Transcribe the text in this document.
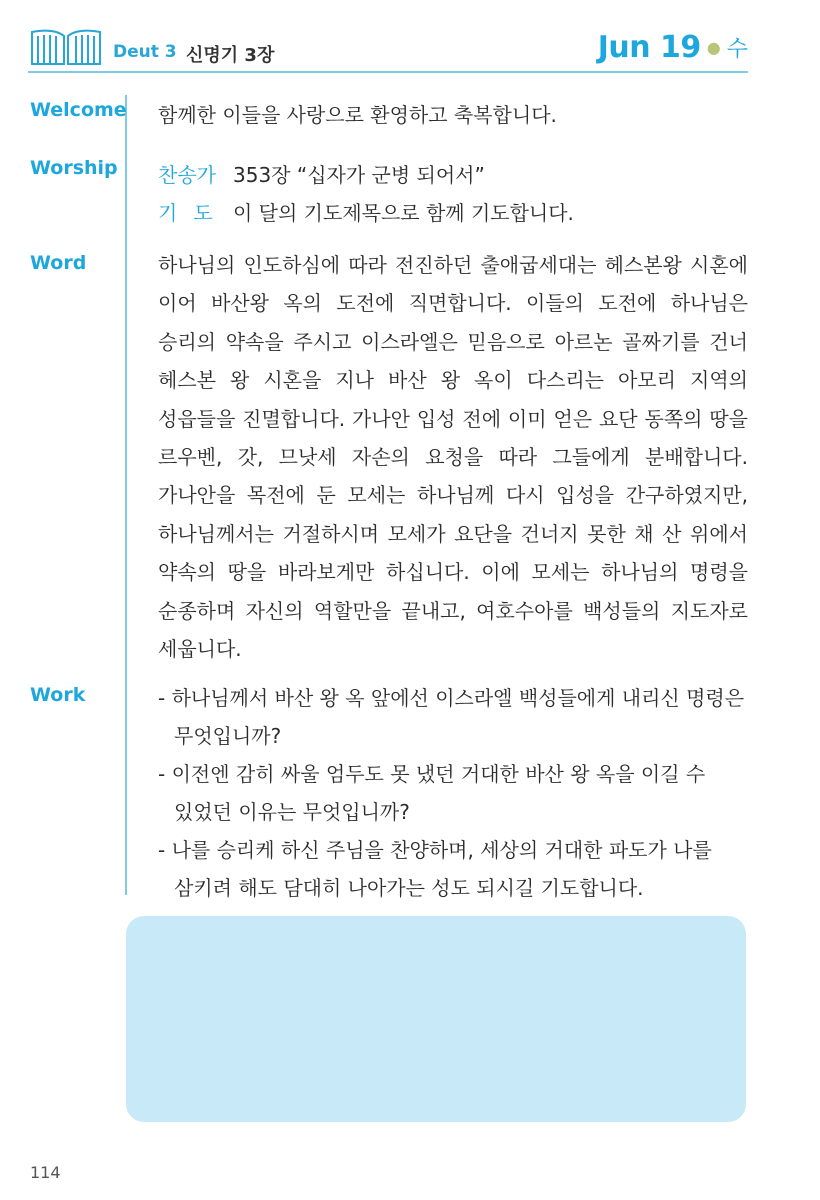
Deut 3 신명기 3장	Jun 19 ● 수
Welcome 함께한 이들을 사랑으로 환영하고 축복합니다.
Worship 찬송가 353장 “십자가 군병 되어서”
기도 이 달의 기도제목으로 함께 기도합니다.
Word	하나님의 인도하심에 따라 전진하던 출애굽세대는 헤스본왕 시혼에 이어 바산왕 옥의 도전에 직면합니다. 이들의 도전에 하나님은 승리의 약속을 주시고 이스라엘은 믿음으로 아르논 골짜기를 건너 헤스본 왕 시혼을 지나 바산 왕 옥이 다스리는 아모리 지역의 성읍들을 진멸합니다. 가나안 입성 전에 이미 얻은 요단 동쪽의 땅을 르우벤, 갓, 므낫세 자손의 요청을 따라 그들에게 분배합니다. 가나안을 목전에 둔 모세는 하나님께 다시 입성을 간구하였지만, 하나님께서는 거절하시며 모세가 요단을 건너지 못한 채 산 위에서 약속의 땅을 바라보게만 하십니다. 이에 모세는 하나님의 명령을 순종하며 자신의 역할만을 끝내고, 여호수아를 백성들의 지도자로 세웁니다.
Work	- 하나님께서 바산 왕 옥 앞에선 이스라엘 백성들에게 내리신 명령은 무엇입니까?
- 이전엔 감히 싸울 엄두도 못 냈던 거대한 바산 왕 옥을 이길 수 있었던 이유는 무엇입니까?
- 나를 승리케 하신 주님을 찬양하며, 세상의 거대한 파도가 나를 삼키려 해도 담대히 나아가는 성도 되시길 기도합니다.
114
